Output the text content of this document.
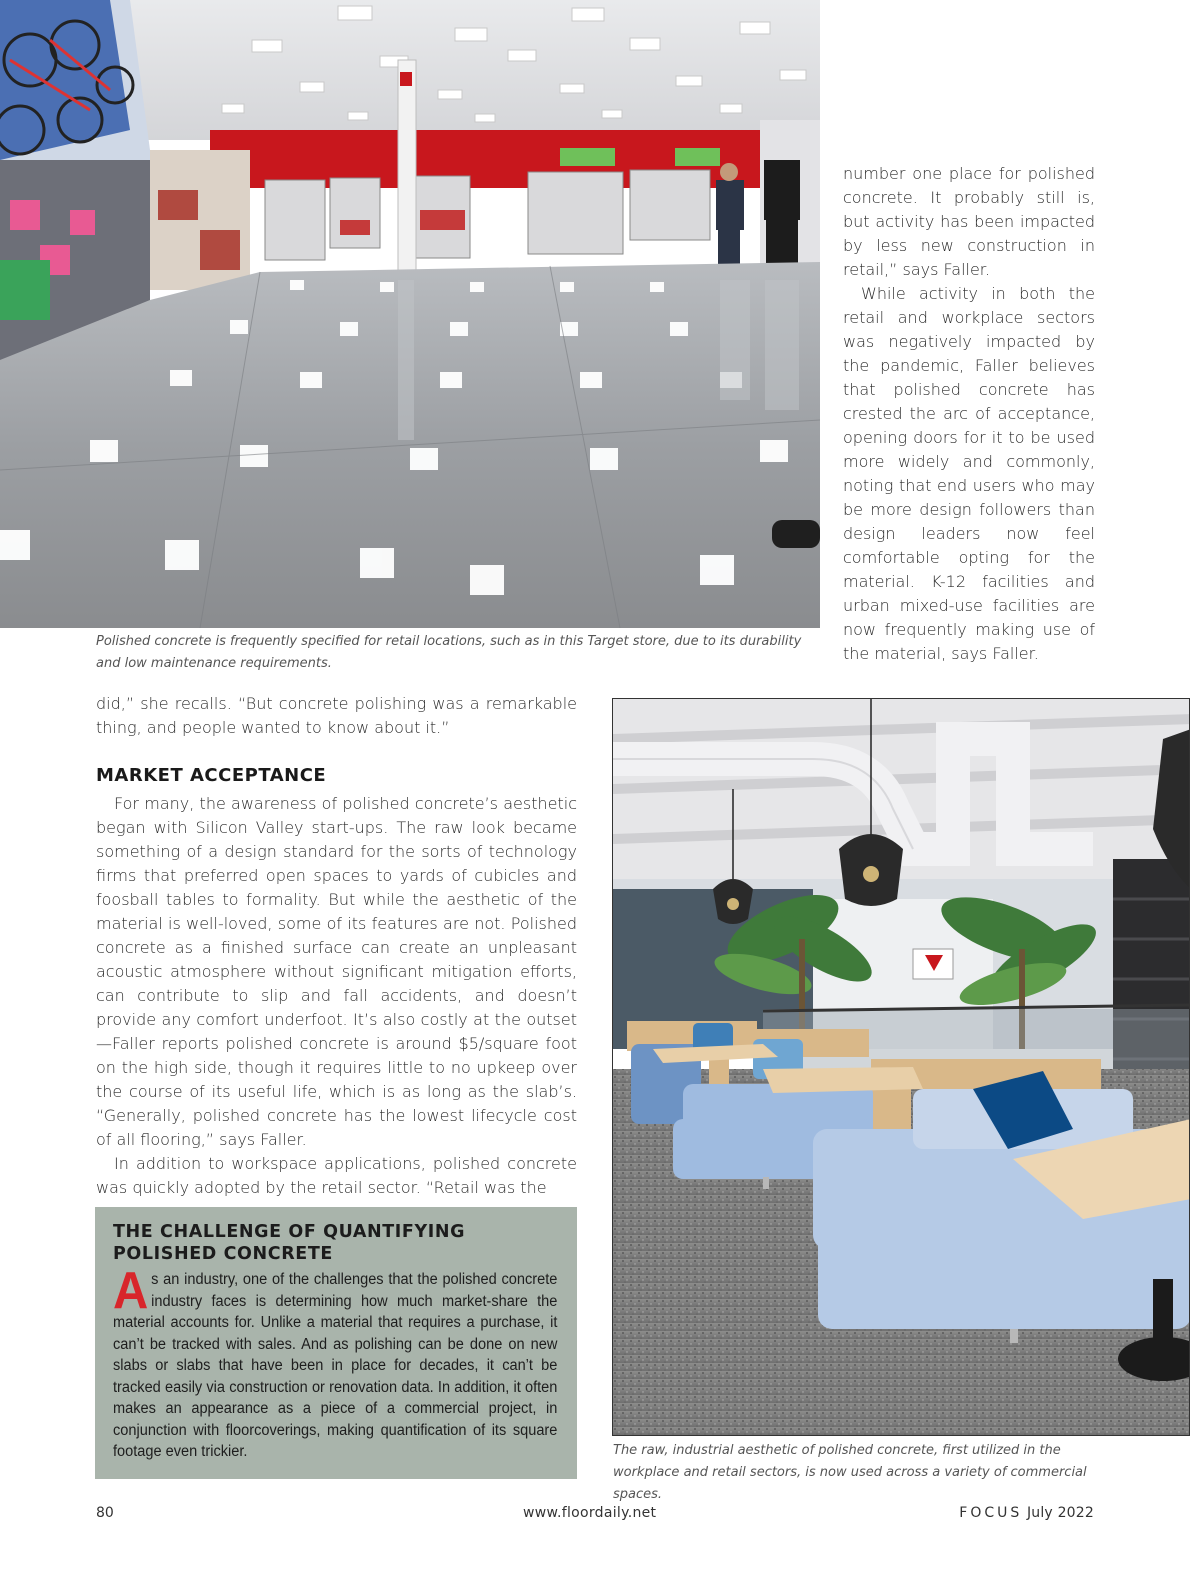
Polished concrete is frequently specified for retail locations, such as in this Target store, due to its durability and low maintenance requirements.

number one place for polished concrete. It probably still is, but activity has been impacted by less new construction in retail,” says Faller.

While activity in both the retail and workplace sectors was negatively impacted by the pandemic, Faller believes that polished concrete has crested the arc of acceptance, opening doors for it to be used more widely and commonly, noting that end users who may be more design followers than design leaders now feel comfortable opting for the material. K-12 facilities and urban mixed-use facilities are now frequently making use of the material, says Faller.

did,” she recalls. “But concrete polishing was a remarkable thing, and people wanted to know about it.”

MARKET ACCEPTANCE

For many, the awareness of polished concrete’s aesthetic began with Silicon Valley start-ups. The raw look became something of a design standard for the sorts of technology firms that preferred open spaces to yards of cubicles and foosball tables to formality. But while the aesthetic of the material is well-loved, some of its features are not. Polished concrete as a finished surface can create an unpleasant acoustic atmosphere without significant mitigation efforts, can contribute to slip and fall accidents, and doesn’t provide any comfort underfoot. It’s also costly at the outset—Faller reports polished concrete is around $5/square foot on the high side, though it requires little to no upkeep over the course of its useful life, which is as long as the slab’s. “Generally, polished concrete has the lowest lifecycle cost of all flooring,” says Faller.

In addition to workspace applications, polished concrete was quickly adopted by the retail sector. “Retail was the

THE CHALLENGE OF QUANTIFYING POLISHED CONCRETE

As an industry, one of the challenges that the polished concrete industry faces is determining how much market-share the material accounts for. Unlike a material that requires a purchase, it can’t be tracked with sales. And as polishing can be done on new slabs or slabs that have been in place for decades, it can’t be tracked easily via construction or renovation data. In addition, it often makes an appearance as a piece of a commercial project, in conjunction with floorcoverings, making quantification of its square footage even trickier.	The raw, industrial aesthetic of polished concrete, first utilized in the workplace and retail sectors, is now used across a variety of commercial spaces.
80	www.floordaily.net	FOCUS July 2022
